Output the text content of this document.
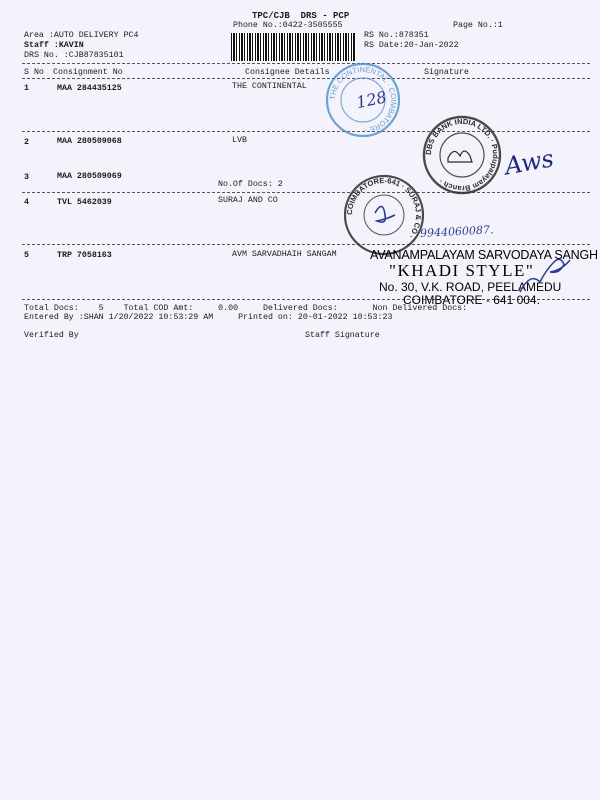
TPC/CJB  DRS - PCP
Phone No.:0422-3505555	Page No.:1
Area :AUTO DELIVERY PC4
Staff :KAVIN
DRS No. :CJB87835101
RS No.:878351
RS Date:20-Jan-2022
S No Consignment No	Consignee Details	Signature
1	MAA 284435125	THE CONTINENTAL
2	MAA 280509068	LVB
3	MAA 280509069
No.Of Docs: 2
4	TVL 5462039	SURAJ AND CO
5	TRP 7058163	AVM SARVADHAIH SANGAM
Total Docs:    5    Total COD Amt:     0.00     Delivered Docs:       Non Delivered Docs:
Entered By :SHAN 1/20/2022 10:53:29 AM     Printed on: 20-01-2022 10:53:23
Verified By	Staff Signature
THE CONTINENTAL · COIMBATORE ·
128
DBS BANK INDIA LTD. · Pudupalayam Branch ·
Aws
COIMBATORE-641 · SURAJ & CO · 9944060087.
AVANAMPALAYAM SARVODAYA SANGH
"KHADI STYLE"
No. 30, V.K. ROAD, PEELAMEDU
COIMBATORE - 641 004.
